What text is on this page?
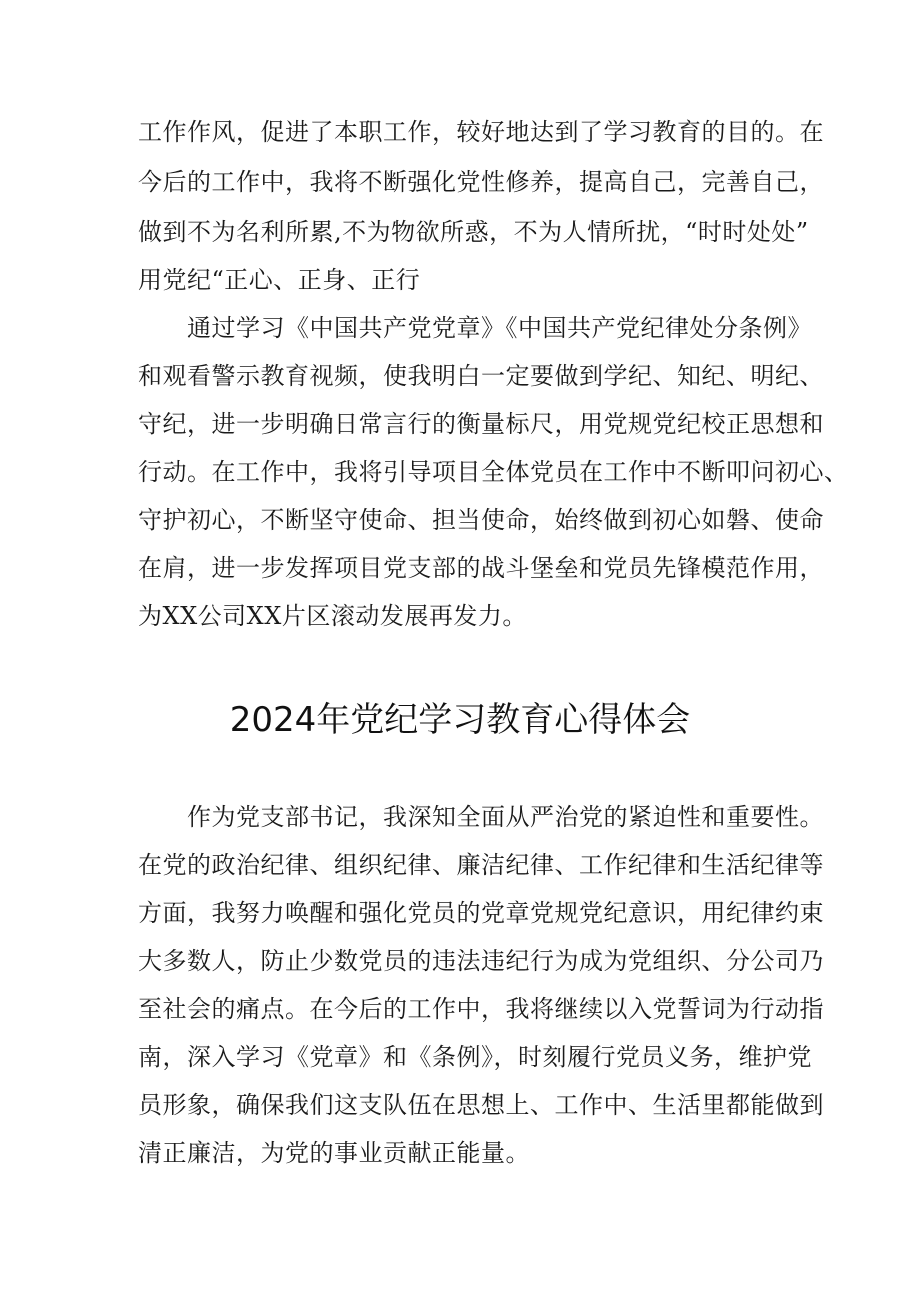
工作作风，促进了本职工作，较好地达到了学习教育的目的。在
今后的工作中，我将不断强化党性修养，提高自己，完善自己，
做到不为名利所累,不为物欲所惑，不为人情所扰，“时时处处”
用党纪“正心、正身、正行
通过学习《中国共产党党章》《中国共产党纪律处分条例》
和观看警示教育视频，使我明白一定要做到学纪、知纪、明纪、
守纪，进一步明确日常言行的衡量标尺，用党规党纪校正思想和
行动。在工作中，我将引导项目全体党员在工作中不断叩问初心、
守护初心，不断坚守使命、担当使命，始终做到初心如磐、使命
在肩，进一步发挥项目党支部的战斗堡垒和党员先锋模范作用，
为XX公司XX片区滚动发展再发力。
2024年党纪学习教育心得体会
作为党支部书记，我深知全面从严治党的紧迫性和重要性。
在党的政治纪律、组织纪律、廉洁纪律、工作纪律和生活纪律等
方面，我努力唤醒和强化党员的党章党规党纪意识，用纪律约束
大多数人，防止少数党员的违法违纪行为成为党组织、分公司乃
至社会的痛点。在今后的工作中，我将继续以入党誓词为行动指
南，深入学习《党章》和《条例》，时刻履行党员义务，维护党
员形象，确保我们这支队伍在思想上、工作中、生活里都能做到
清正廉洁，为党的事业贡献正能量。
